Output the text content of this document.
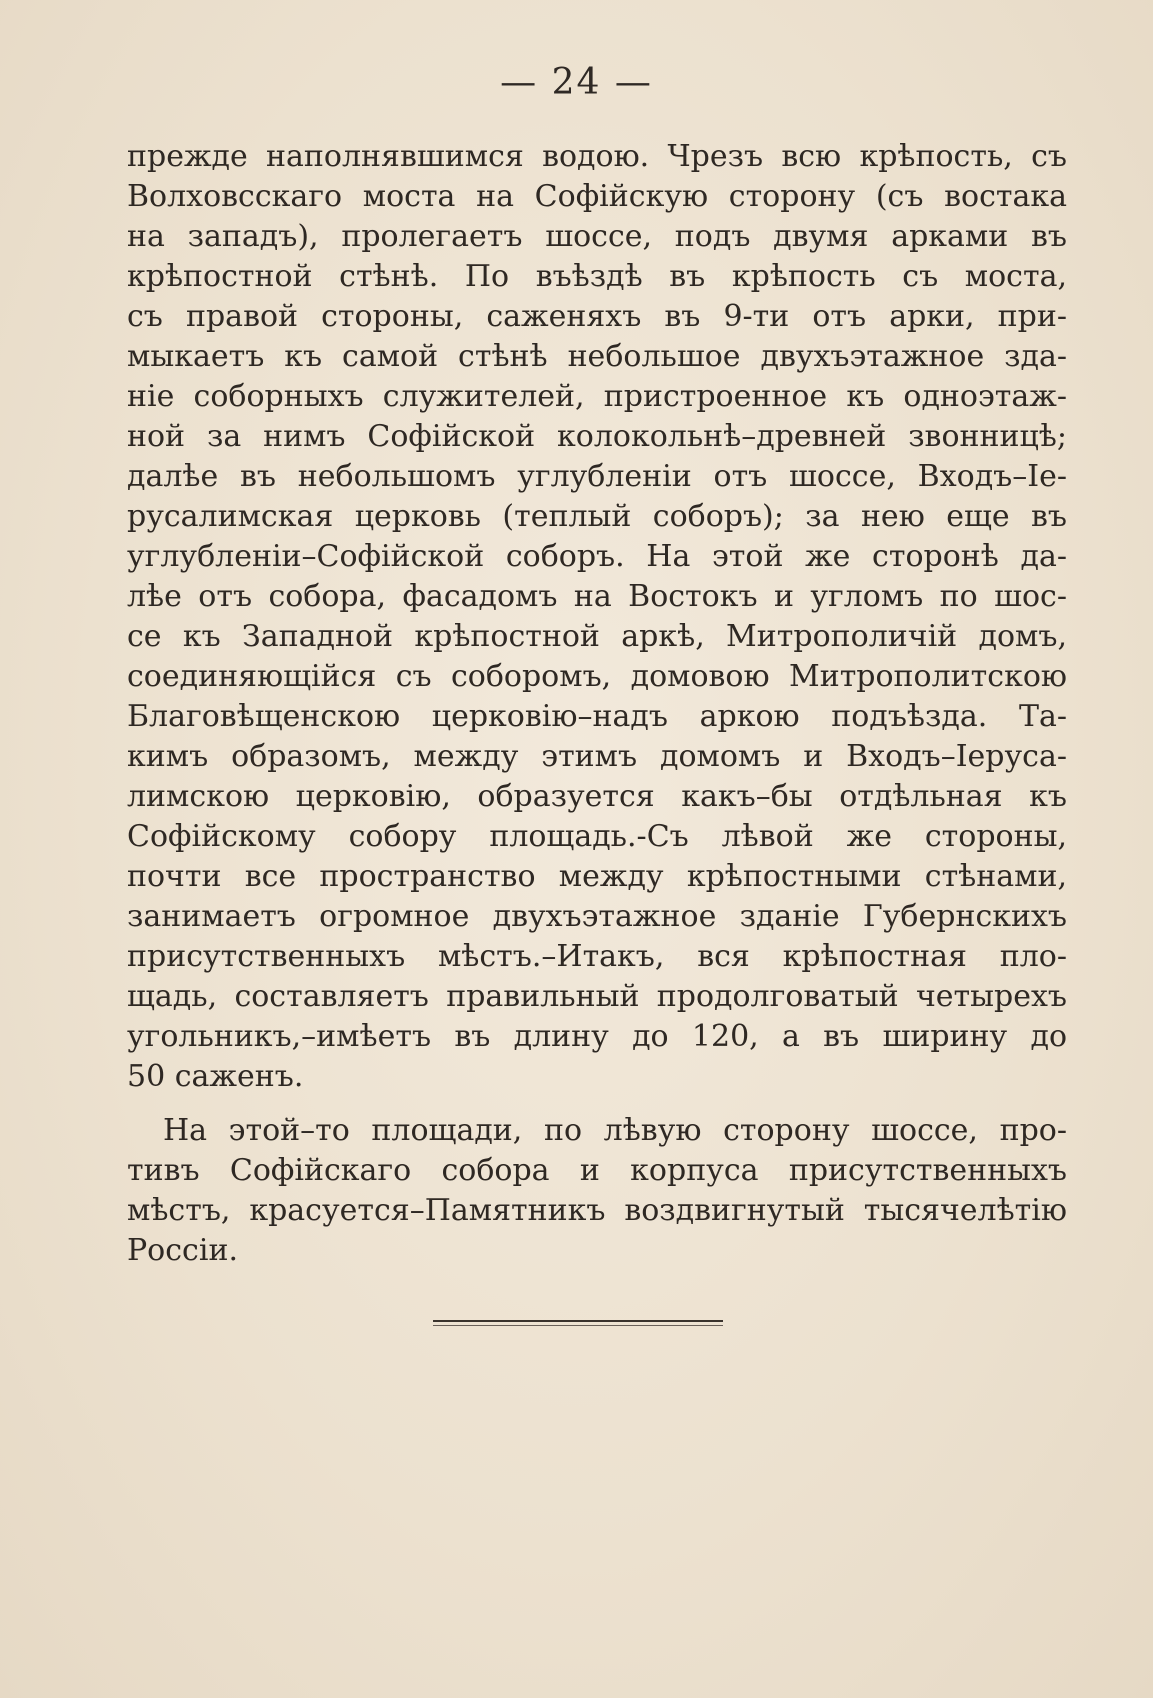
— 24 —
прежде наполнявшимся водою. Чрезъ всю крѣпость, съ
Волховсскаго моста на Софійскую сторону (съ востака
на западъ), пролегаетъ шоссе, подъ двумя арками въ
крѣпостной стѣнѣ. По въѣздѣ въ крѣпость съ моста,
съ правой стороны, саженяхъ въ 9-ти отъ арки, при-
мыкаетъ къ самой стѣнѣ небольшое двухъэтажное зда-
ніе соборныхъ служителей, пристроенное къ одноэтаж-
ной за нимъ Софійской колокольнѣ–древней звонницѣ;
далѣе въ небольшомъ углубленіи отъ шоссе, Входъ–Іе-
русалимская церковь (теплый соборъ); за нею еще въ
углубленіи–Софійской соборъ. На этой же сторонѣ да-
лѣе отъ собора, фасадомъ на Востокъ и угломъ по шос-
се къ Западной крѣпостной аркѣ, Митрополичій домъ,
соединяющійся съ соборомъ, домовою Митрополитскою
Благовѣщенскою церковію–надъ аркою подъѣзда. Та-
кимъ образомъ, между этимъ домомъ и Входъ–Іеруса-
лимскою церковію, образуется какъ–бы отдѣльная къ
Софійскому собору площадь.-Съ лѣвой же стороны,
почти все пространство между крѣпостными стѣнами,
занимаетъ огромное двухъэтажное зданіе Губернскихъ
присутственныхъ мѣстъ.–Итакъ, вся крѣпостная пло-
щадь, составляетъ правильный продолговатый четырехъ
угольникъ,–имѣетъ въ длину до 120, а въ ширину до
50 саженъ.
На этой–то площади, по лѣвую сторону шоссе, про-
тивъ Софійскаго собора и корпуса присутственныхъ
мѣстъ, красуется–Памятникъ воздвигнутый тысячелѣтію
Россіи.
